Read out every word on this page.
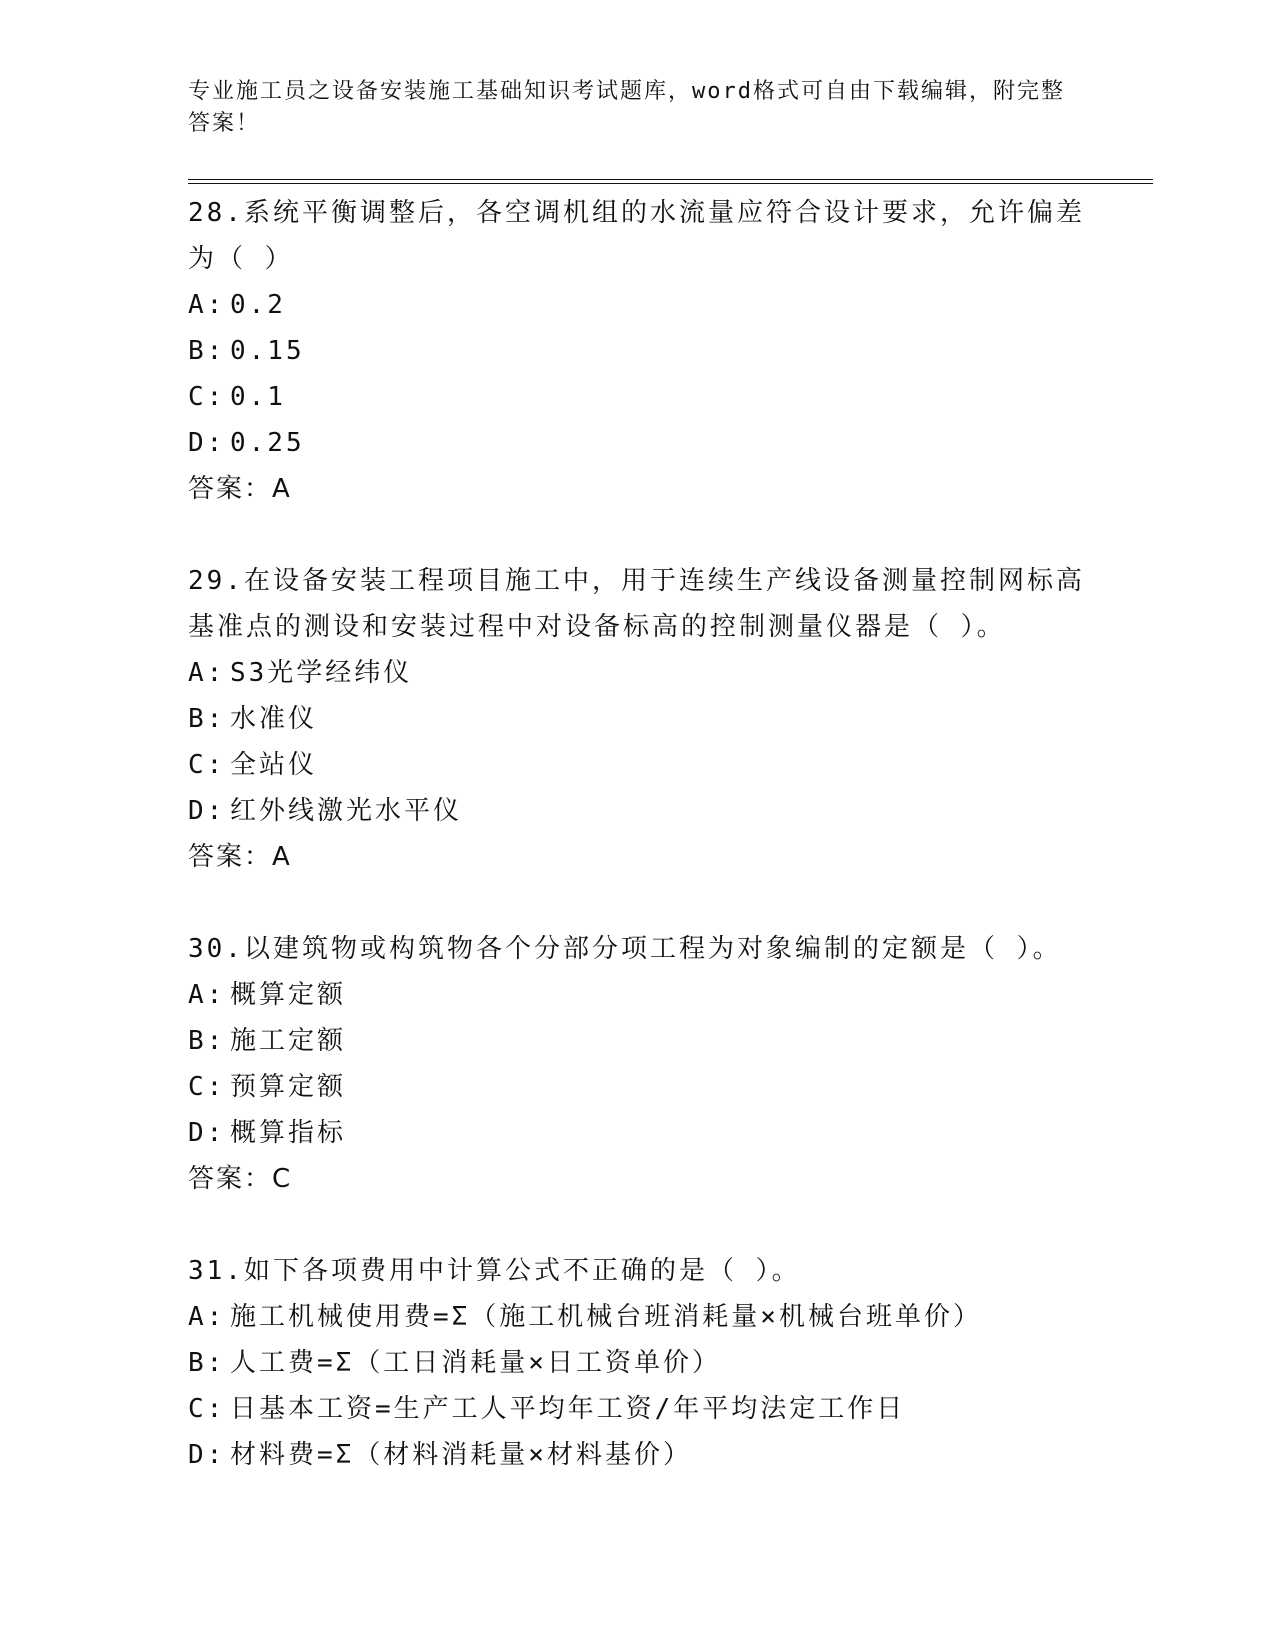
专业施工员之设备安装施工基础知识考试题库，word格式可自由下载编辑，附完整答案！
28.系统平衡调整后，各空调机组的水流量应符合设计要求，允许偏差为（ ）
A: 0.2
B: 0.15
C: 0.1
D: 0.25
答案：A
29.在设备安装工程项目施工中，用于连续生产线设备测量控制网标高基准点的测设和安装过程中对设备标高的控制测量仪器是（ ）。
A: S3光学经纬仪
B: 水准仪
C: 全站仪
D: 红外线激光水平仪
答案：A
30.以建筑物或构筑物各个分部分项工程为对象编制的定额是（ ）。
A: 概算定额
B: 施工定额
C: 预算定额
D: 概算指标
答案：C
31.如下各项费用中计算公式不正确的是（ ）。
A: 施工机械使用费=Σ（施工机械台班消耗量×机械台班单价）
B: 人工费=Σ（工日消耗量×日工资单价）
C: 日基本工资=生产工人平均年工资/年平均法定工作日
D: 材料费=Σ（材料消耗量×材料基价）
